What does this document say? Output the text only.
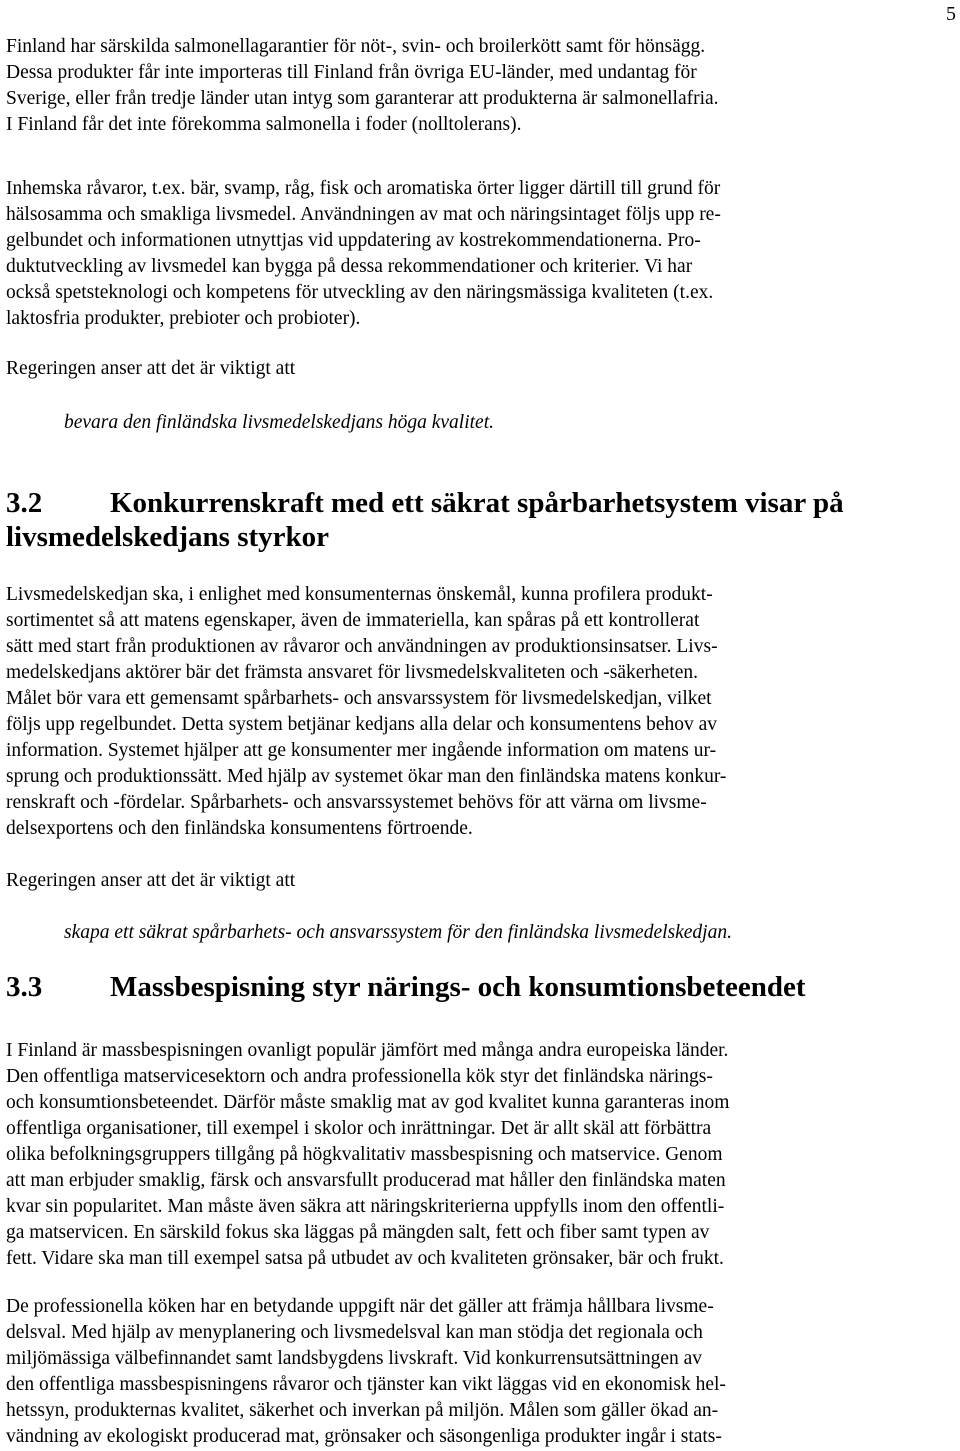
5
Finland har särskilda salmonellagarantier för nöt-, svin- och broilerkött samt för hönsägg.
Dessa produkter får inte importeras till Finland från övriga EU-länder, med undantag för
Sverige, eller från tredje länder utan intyg som garanterar att produkterna är salmonellafria.
I Finland får det inte förekomma salmonella i foder (nolltolerans).
Inhemska råvaror, t.ex. bär, svamp, råg, fisk och aromatiska örter ligger därtill till grund för
hälsosamma och smakliga livsmedel. Användningen av mat och näringsintaget följs upp re-
gelbundet och informationen utnyttjas vid uppdatering av kostrekommendationerna. Pro-
duktutveckling av livsmedel kan bygga på dessa rekommendationer och kriterier. Vi har
också spetsteknologi och kompetens för utveckling av den näringsmässiga kvaliteten (t.ex.
laktosfria produkter, prebioter och probioter).
Regeringen anser att det är viktigt att
bevara den finländska livsmedelskedjans höga kvalitet.
Livsmedelskedjan ska, i enlighet med konsumenternas önskemål, kunna profilera produkt-
sortimentet så att matens egenskaper, även de immateriella, kan spåras på ett kontrollerat
sätt med start från produktionen av råvaror och användningen av produktionsinsatser. Livs-
medelskedjans aktörer bär det främsta ansvaret för livsmedelskvaliteten och -säkerheten.
Målet bör vara ett gemensamt spårbarhets- och ansvarssystem för livsmedelskedjan, vilket
följs upp regelbundet. Detta system betjänar kedjans alla delar och konsumentens behov av
information. Systemet hjälper att ge konsumenter mer ingående information om matens ur-
sprung och produktionssätt. Med hjälp av systemet ökar man den finländska matens konkur-
renskraft och -fördelar. Spårbarhets- och ansvarssystemet behövs för att värna om livsme-
delsexportens och den finländska konsumentens förtroende.
Regeringen anser att det är viktigt att
skapa ett säkrat spårbarhets- och ansvarssystem för den finländska livsmedelskedjan.
I Finland är massbespisningen ovanligt populär jämfört med många andra europeiska länder.
Den offentliga matservicesektorn och andra professionella kök styr det finländska närings-
och konsumtionsbeteendet. Därför måste smaklig mat av god kvalitet kunna garanteras inom
offentliga organisationer, till exempel i skolor och inrättningar. Det är allt skäl att förbättra
olika befolkningsgruppers tillgång på högkvalitativ massbespisning och matservice. Genom
att man erbjuder smaklig, färsk och ansvarsfullt producerad mat håller den finländska maten
kvar sin popularitet. Man måste även säkra att näringskriterierna uppfylls inom den offentli-
ga matservicen. En särskild fokus ska läggas på mängden salt, fett och fiber samt typen av
fett. Vidare ska man till exempel satsa på utbudet av och kvaliteten grönsaker, bär och frukt.
De professionella köken har en betydande uppgift när det gäller att främja hållbara livsme-
delsval. Med hjälp av menyplanering och livsmedelsval kan man stödja det regionala och
miljömässiga välbefinnandet samt landsbygdens livskraft. Vid konkurrensutsättningen av
den offentliga massbespisningens råvaror och tjänster kan vikt läggas vid en ekonomisk hel-
hetssyn, produkternas kvalitet, säkerhet och inverkan på miljön. Målen som gäller ökad an-
vändning av ekologiskt producerad mat, grönsaker och säsongenliga produkter ingår i stats-
3.2 Konkurrenskraft med ett säkrat spårbarhetsystem visar på
livsmedelskedjans styrkor
3.3 Massbespisning styr närings- och konsumtionsbeteendet
